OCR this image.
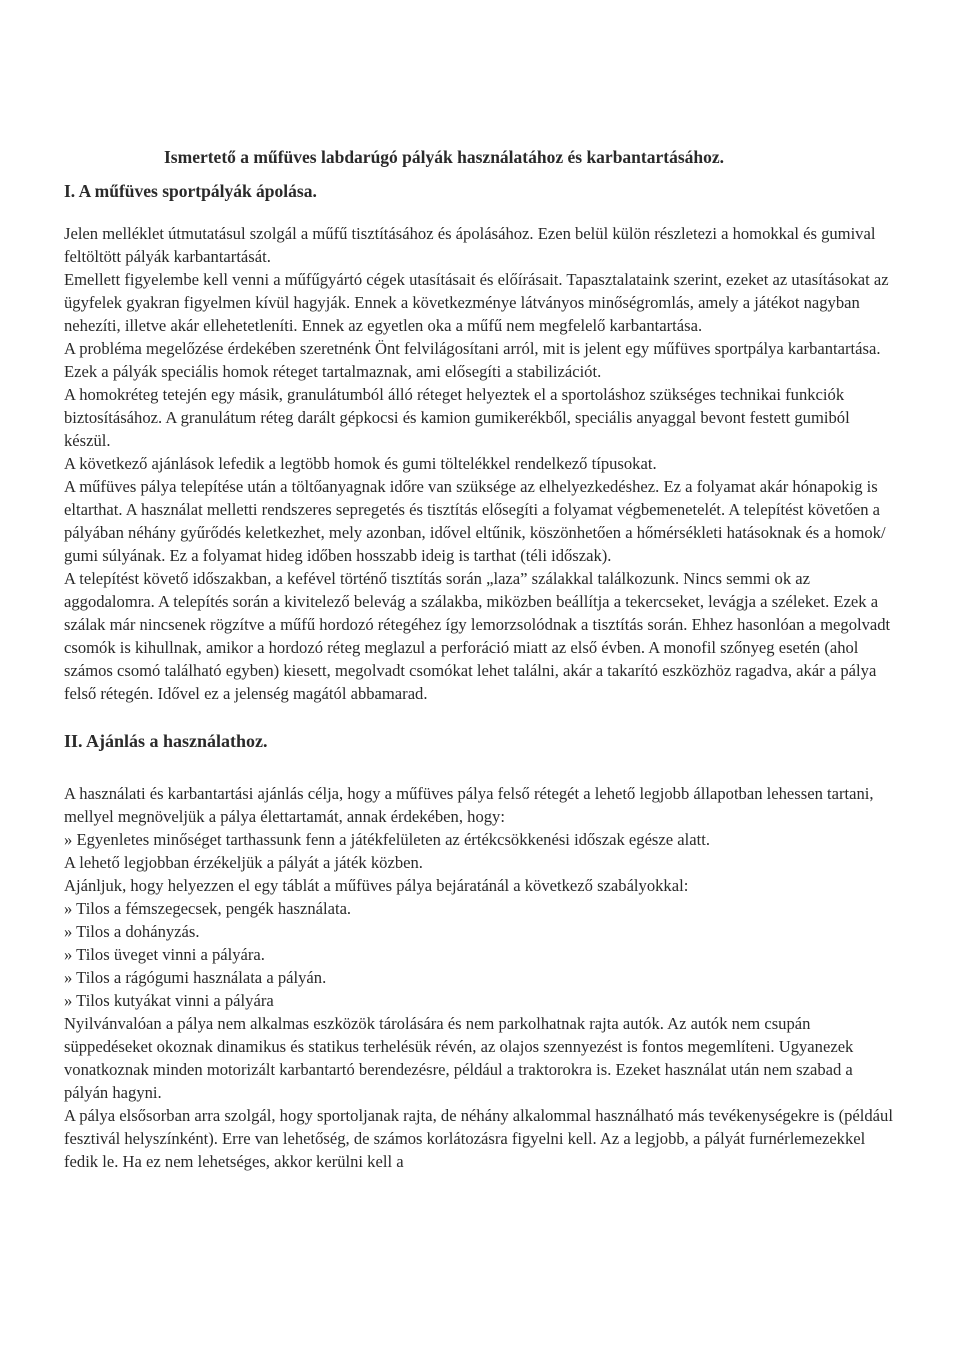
Ismertető a műfüves labdarúgó pályák használatához és karbantartásához.
I. A műfüves sportpályák ápolása.

Jelen melléklet útmutatásul szolgál a műfű tisztításához és ápolásához. Ezen belül külön részletezi a homokkal és gumival feltöltött pályák karbantartását.

Emellett figyelembe kell venni a műfűgyártó cégek utasításait és előírásait. Tapasztalataink szerint, ezeket az utasításokat az ügyfelek gyakran figyelmen kívül hagyják. Ennek a következménye látványos minőségromlás, amely a játékot nagyban nehezíti, illetve akár ellehetetleníti. Ennek az egyetlen oka a műfű nem megfelelő karbantartása.

A probléma megelőzése érdekében szeretnénk Önt felvilágosítani arról, mit is jelent egy műfüves sportpálya karbantartása. Ezek a pályák speciális homok réteget tartalmaznak, ami elősegíti a stabilizációt.

A homokréteg tetején egy másik, granulátumból álló réteget helyeztek el a sportoláshoz szükséges technikai funkciók biztosításához. A granulátum réteg darált gépkocsi és kamion gumikerékből, speciális anyaggal bevont festett gumiból készül.

A következő ajánlások lefedik a legtöbb homok és gumi töltelékkel rendelkező típusokat.

A műfüves pálya telepítése után a töltőanyagnak időre van szüksége az elhelyezkedéshez. Ez a folyamat akár hónapokig is eltarthat. A használat melletti rendszeres sepregetés és tisztítás elősegíti a folyamat végbemenetelét. A telepítést követően a pályában néhány gyűrődés keletkezhet, mely azonban, idővel eltűnik, köszönhetően a hőmérsékleti hatásoknak és a homok/ gumi súlyának. Ez a folyamat hideg időben hosszabb ideig is tarthat (téli időszak).

A telepítést követő időszakban, a kefével történő tisztítás során „laza” szálakkal találkozunk. Nincs semmi ok az aggodalomra. A telepítés során a kivitelező belevág a szálakba, miközben beállítja a tekercseket, levágja a széleket. Ezek a szálak már nincsenek rögzítve a műfű hordozó rétegéhez így lemorzsolódnak a tisztítás során. Ehhez hasonlóan a megolvadt csomók is kihullnak, amikor a hordozó réteg meglazul a perforáció miatt az első évben. A monofil szőnyeg esetén (ahol számos csomó található egyben) kiesett, megolvadt csomókat lehet találni, akár a takarító eszközhöz ragadva, akár a pálya felső rétegén. Idővel ez a jelenség magától abbamarad.

II. Ajánlás a használathoz.

A használati és karbantartási ajánlás célja, hogy a műfüves pálya felső rétegét a lehető legjobb állapotban lehessen tartani, mellyel megnöveljük a pálya élettartamát, annak érdekében, hogy:

» Egyenletes minőséget tarthassunk fenn a játékfelületen az értékcsökkenési időszak egésze alatt.

A lehető legjobban érzékeljük a pályát a játék közben.

Ajánljuk, hogy helyezzen el egy táblát a műfüves pálya bejáratánál a következő szabályokkal:

» Tilos a fémszegecsek, pengék használata.

» Tilos a dohányzás.

» Tilos üveget vinni a pályára.

» Tilos a rágógumi használata a pályán.

» Tilos kutyákat vinni a pályára

Nyilvánvalóan a pálya nem alkalmas eszközök tárolására és nem parkolhatnak rajta autók. Az autók nem csupán süppedéseket okoznak dinamikus és statikus terhelésük révén, az olajos szennyezést is fontos megemlíteni. Ugyanezek vonatkoznak minden motorizált karbantartó berendezésre, például a traktorokra is. Ezeket használat után nem szabad a pályán hagyni.

A pálya elsősorban arra szolgál, hogy sportoljanak rajta, de néhány alkalommal használható más tevékenységekre is (például fesztivál helyszínként). Erre van lehetőség, de számos korlátozásra figyelni kell. Az a legjobb, a pályát furnérlemezekkel fedik le. Ha ez nem lehetséges, akkor kerülni kell a
